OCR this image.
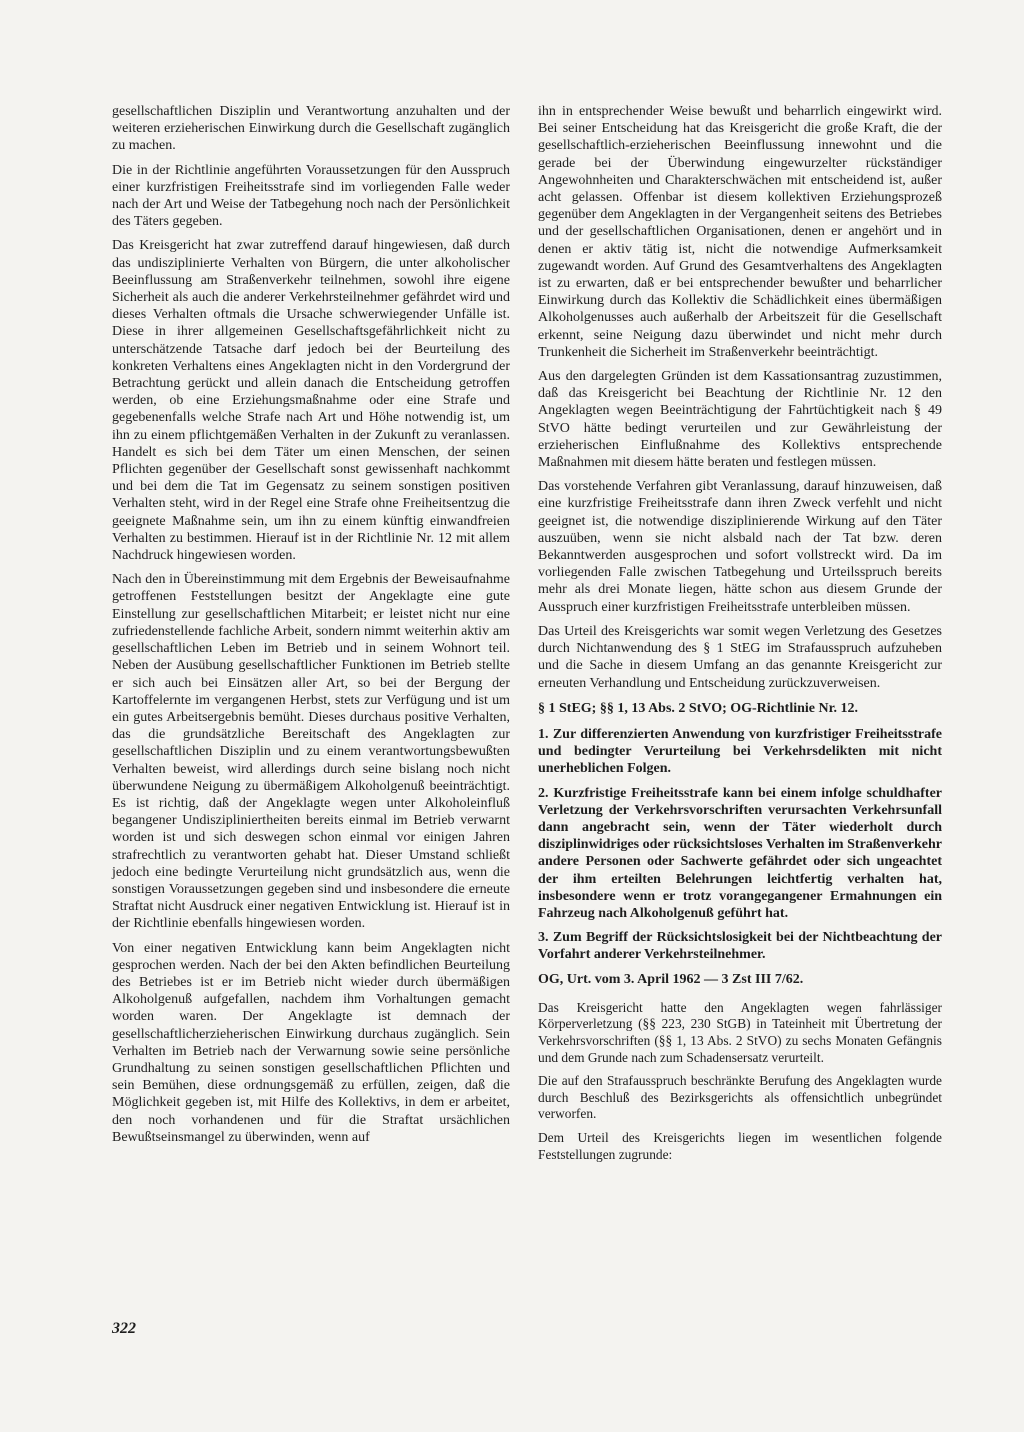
gesellschaftlichen Disziplin und Verantwortung anzuhalten und der weiteren erzieherischen Einwirkung durch die Gesellschaft zugänglich zu machen.

Die in der Richtlinie angeführten Voraussetzungen für den Ausspruch einer kurzfristigen Freiheitsstrafe sind im vorliegenden Falle weder nach der Art und Weise der Tatbegehung noch nach der Persönlichkeit des Täters gegeben.

Das Kreisgericht hat zwar zutreffend darauf hingewiesen, daß durch das undisziplinierte Verhalten von Bürgern, die unter alkoholischer Beeinflussung am Straßenverkehr teilnehmen, sowohl ihre eigene Sicherheit als auch die anderer Verkehrsteilnehmer gefährdet wird und dieses Verhalten oftmals die Ursache schwerwiegender Unfälle ist. Diese in ihrer allgemeinen Gesellschaftsgefährlichkeit nicht zu unterschätzende Tatsache darf jedoch bei der Beurteilung des konkreten Verhaltens eines Angeklagten nicht in den Vordergrund der Betrachtung gerückt und allein danach die Entscheidung getroffen werden, ob eine Erziehungsmaßnahme oder eine Strafe und gegebenenfalls welche Strafe nach Art und Höhe notwendig ist, um ihn zu einem pflichtgemäßen Verhalten in der Zukunft zu veranlassen. Handelt es sich bei dem Täter um einen Menschen, der seinen Pflichten gegenüber der Gesellschaft sonst gewissenhaft nachkommt und bei dem die Tat im Gegensatz zu seinem sonstigen positiven Verhalten steht, wird in der Regel eine Strafe ohne Freiheitsentzug die geeignete Maßnahme sein, um ihn zu einem künftig einwandfreien Verhalten zu bestimmen. Hierauf ist in der Richtlinie Nr. 12 mit allem Nachdruck hingewiesen worden.

Nach den in Übereinstimmung mit dem Ergebnis der Beweisaufnahme getroffenen Feststellungen besitzt der Angeklagte eine gute Einstellung zur gesellschaftlichen Mitarbeit; er leistet nicht nur eine zufriedenstellende fachliche Arbeit, sondern nimmt weiterhin aktiv am gesellschaftlichen Leben im Betrieb und in seinem Wohnort teil. Neben der Ausübung gesellschaftlicher Funktionen im Betrieb stellte er sich auch bei Einsätzen aller Art, so bei der Bergung der Kartoffelernte im vergangenen Herbst, stets zur Verfügung und ist um ein gutes Arbeitsergebnis bemüht. Dieses durchaus positive Verhalten, das die grundsätzliche Bereitschaft des Angeklagten zur gesellschaftlichen Disziplin und zu einem verantwortungsbewußten Verhalten beweist, wird allerdings durch seine bislang noch nicht überwundene Neigung zu übermäßigem Alkoholgenuß beeinträchtigt. Es ist richtig, daß der Angeklagte wegen unter Alkoholeinfluß begangener Undiszipliniertheiten bereits einmal im Betrieb verwarnt worden ist und sich deswegen schon einmal vor einigen Jahren strafrechtlich zu verantworten gehabt hat. Dieser Umstand schließt jedoch eine bedingte Verurteilung nicht grundsätzlich aus, wenn die sonstigen Voraussetzungen gegeben sind und insbesondere die erneute Straftat nicht Ausdruck einer negativen Entwicklung ist. Hierauf ist in der Richtlinie ebenfalls hingewiesen worden.

Von einer negativen Entwicklung kann beim Angeklagten nicht gesprochen werden. Nach der bei den Akten befindlichen Beurteilung des Betriebes ist er im Betrieb nicht wieder durch übermäßigen Alkoholgenuß aufgefallen, nachdem ihm Vorhaltungen gemacht worden waren. Der Angeklagte ist demnach der gesellschaftlicherzieherischen Einwirkung durchaus zugänglich. Sein Verhalten im Betrieb nach der Verwarnung sowie seine persönliche Grundhaltung zu seinen sonstigen gesellschaftlichen Pflichten und sein Bemühen, diese ordnungsgemäß zu erfüllen, zeigen, daß die Möglichkeit gegeben ist, mit Hilfe des Kollektivs, in dem er arbeitet, den noch vorhandenen und für die Straftat ursächlichen Bewußtseinsmangel zu überwinden, wenn auf

ihn in entsprechender Weise bewußt und beharrlich eingewirkt wird. Bei seiner Entscheidung hat das Kreisgericht die große Kraft, die der gesellschaftlich-erzieherischen Beeinflussung innewohnt und die gerade bei der Überwindung eingewurzelter rückständiger Angewohnheiten und Charakterschwächen mit entscheidend ist, außer acht gelassen. Offenbar ist diesem kollektiven Erziehungsprozeß gegenüber dem Angeklagten in der Vergangenheit seitens des Betriebes und der gesellschaftlichen Organisationen, denen er angehört und in denen er aktiv tätig ist, nicht die notwendige Aufmerksamkeit zugewandt worden. Auf Grund des Gesamtverhaltens des Angeklagten ist zu erwarten, daß er bei entsprechender bewußter und beharrlicher Einwirkung durch das Kollektiv die Schädlichkeit eines übermäßigen Alkoholgenusses auch außerhalb der Arbeitszeit für die Gesellschaft erkennt, seine Neigung dazu überwindet und nicht mehr durch Trunkenheit die Sicherheit im Straßenverkehr beeinträchtigt.

Aus den dargelegten Gründen ist dem Kassationsantrag zuzustimmen, daß das Kreisgericht bei Beachtung der Richtlinie Nr. 12 den Angeklagten wegen Beeinträchtigung der Fahrtüchtigkeit nach § 49 StVO hätte bedingt verurteilen und zur Gewährleistung der erzieherischen Einflußnahme des Kollektivs entsprechende Maßnahmen mit diesem hätte beraten und festlegen müssen.

Das vorstehende Verfahren gibt Veranlassung, darauf hinzuweisen, daß eine kurzfristige Freiheitsstrafe dann ihren Zweck verfehlt und nicht geeignet ist, die notwendige disziplinierende Wirkung auf den Täter auszuüben, wenn sie nicht alsbald nach der Tat bzw. deren Bekanntwerden ausgesprochen und sofort vollstreckt wird. Da im vorliegenden Falle zwischen Tatbegehung und Urteilsspruch bereits mehr als drei Monate liegen, hätte schon aus diesem Grunde der Ausspruch einer kurzfristigen Freiheitsstrafe unterbleiben müssen.

Das Urteil des Kreisgerichts war somit wegen Verletzung des Gesetzes durch Nichtanwendung des § 1 StEG im Strafausspruch aufzuheben und die Sache in diesem Umfang an das genannte Kreisgericht zur erneuten Verhandlung und Entscheidung zurückzuverweisen.

§ 1 StEG; §§ 1, 13 Abs. 2 StVO; OG-Richtlinie Nr. 12.

1. Zur differenzierten Anwendung von kurzfristiger Freiheitsstrafe und bedingter Verurteilung bei Verkehrsdelikten mit nicht unerheblichen Folgen.

2. Kurzfristige Freiheitsstrafe kann bei einem infolge schuldhafter Verletzung der Verkehrsvorschriften verursachten Verkehrsunfall dann angebracht sein, wenn der Täter wiederholt durch disziplinwidriges oder rücksichtsloses Verhalten im Straßenverkehr andere Personen oder Sachwerte gefährdet oder sich ungeachtet der ihm erteilten Belehrungen leichtfertig verhalten hat, insbesondere wenn er trotz vorangegangener Ermahnungen ein Fahrzeug nach Alkoholgenuß geführt hat.

3. Zum Begriff der Rücksichtslosigkeit bei der Nichtbeachtung der Vorfahrt anderer Verkehrsteilnehmer.

OG, Urt. vom 3. April 1962 — 3 Zst III 7/62.

Das Kreisgericht hatte den Angeklagten wegen fahrlässiger Körperverletzung (§§ 223, 230 StGB) in Tateinheit mit Übertretung der Verkehrsvorschriften (§§ 1, 13 Abs. 2 StVO) zu sechs Monaten Gefängnis und dem Grunde nach zum Schadensersatz verurteilt.

Die auf den Strafausspruch beschränkte Berufung des Angeklagten wurde durch Beschluß des Bezirksgerichts als offensichtlich unbegründet verworfen.

Dem Urteil des Kreisgerichts liegen im wesentlichen folgende Feststellungen zugrunde:

322
